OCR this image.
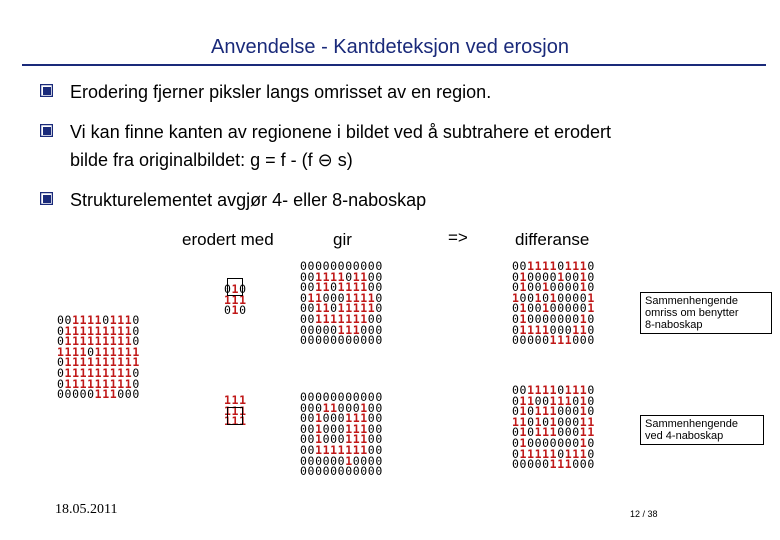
Anvendelse - Kantdeteksjon ved erosjon
Erodering fjerner piksler langs omrisset av en region.
Vi kan finne kanten av regionene i bildet ved å subtrahere et erodert
bilde fra originalbildet: g = f - (f ⊖ s)
Strukturelementet avgjør 4- eller 8-naboskap
erodert med	gir	=>	differanse
00111101110
01111111110
01111111110
11110111111
01111111111
01111111110
01111111110
00000111000
010
111
010
111
111
111
00000000000
00111101100
00110111100
01100011110
00110111110
00111111100
00000111000
00000000000
00000000000
00011000100
00100011100
00100011100
00100011100
00111111100
00000010000
00000000000
00111101110
01000010010
01001000010
10010100001
01001000001
01000000010
01111000110
00000111000
00111101110
01100111010
01011100010
11010100011
01011100011
01000000010
01111101110
00000111000
Sammenhengende
omriss om benytter
8-naboskap
Sammenhengende
ved 4-naboskap
18.05.2011	12 / 38
